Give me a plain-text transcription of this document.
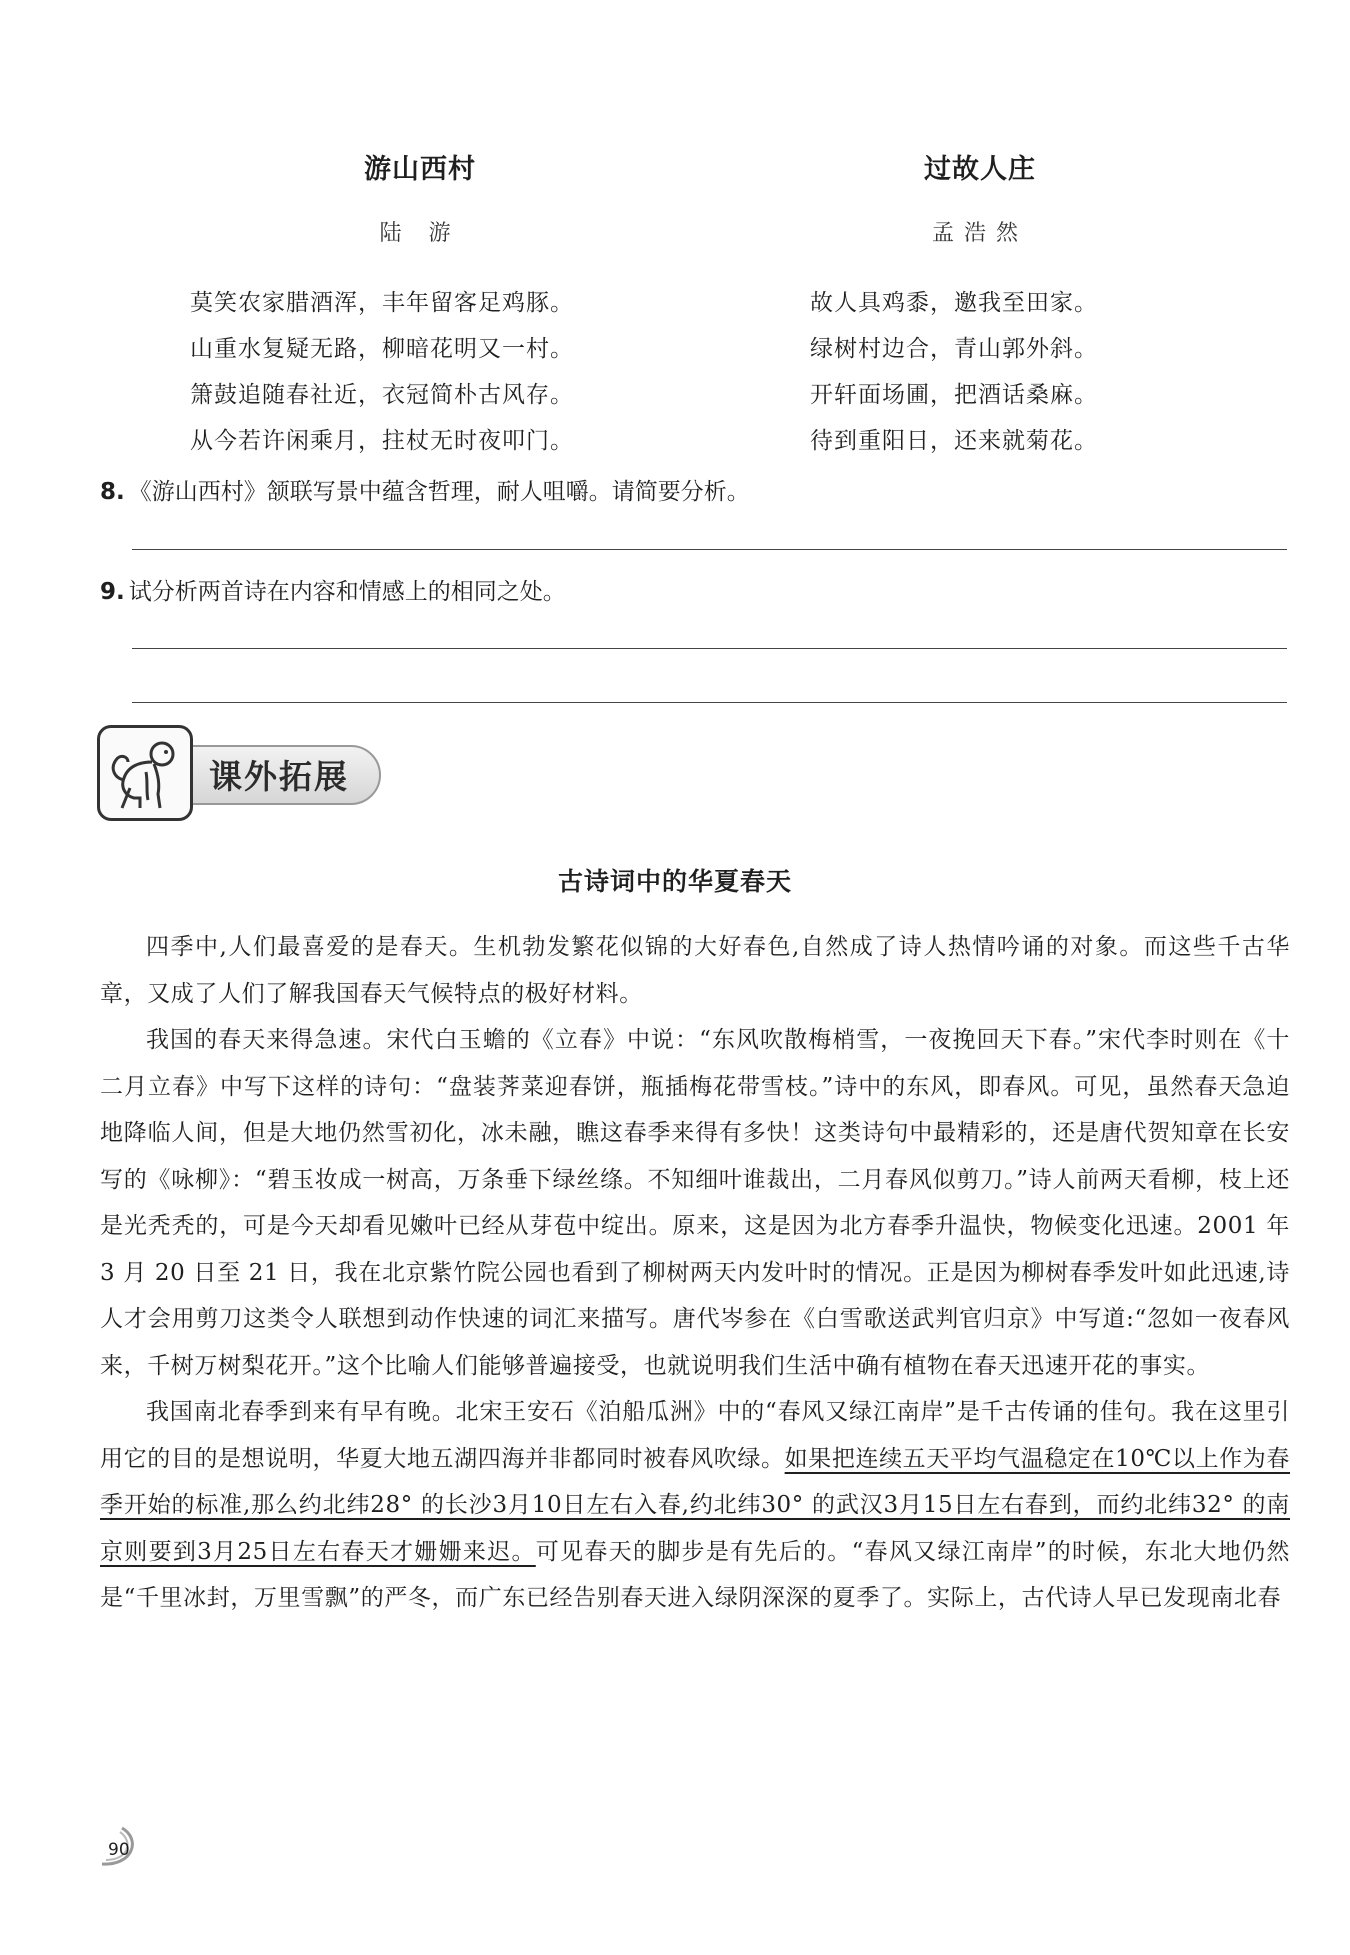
游山西村
陆 游
莫笑农家腊酒浑，丰年留客足鸡豚。
山重水复疑无路，柳暗花明又一村。
箫鼓追随春社近，衣冠简朴古风存。
从今若许闲乘月，拄杖无时夜叩门。
过故人庄
孟浩然
故人具鸡黍，邀我至田家。
绿树村边合，青山郭外斜。
开轩面场圃，把酒话桑麻。
待到重阳日，还来就菊花。
8. 《游山西村》颔联写景中蕴含哲理，耐人咀嚼。请简要分析。
9. 试分析两首诗在内容和情感上的相同之处。
课外拓展
古诗词中的华夏春天

四季中,人们最喜爱的是春天。生机勃发繁花似锦的大好春色,自然成了诗人热情吟诵的对象。而这些千古华章，又成了人们了解我国春天气候特点的极好材料。

我国的春天来得急速。宋代白玉蟾的《立春》中说：“东风吹散梅梢雪，一夜挽回天下春。”宋代李时则在《十二月立春》中写下这样的诗句：“盘装荠菜迎春饼，瓶插梅花带雪枝。”诗中的东风，即春风。可见，虽然春天急迫地降临人间，但是大地仍然雪初化，冰未融，瞧这春季来得有多快！这类诗句中最精彩的，还是唐代贺知章在长安写的《咏柳》：“碧玉妆成一树高，万条垂下绿丝绦。不知细叶谁裁出，二月春风似剪刀。”诗人前两天看柳，枝上还是光秃秃的，可是今天却看见嫩叶已经从芽苞中绽出。原来，这是因为北方春季升温快，物候变化迅速。2001 年 3 月 20 日至 21 日，我在北京紫竹院公园也看到了柳树两天内发叶时的情况。正是因为柳树春季发叶如此迅速,诗人才会用剪刀这类令人联想到动作快速的词汇来描写。唐代岑参在《白雪歌送武判官归京》中写道:“忽如一夜春风来，千树万树梨花开。”这个比喻人们能够普遍接受，也就说明我们生活中确有植物在春天迅速开花的事实。

我国南北春季到来有早有晚。北宋王安石《泊船瓜洲》中的“春风又绿江南岸”是千古传诵的佳句。我在这里引用它的目的是想说明，华夏大地五湖四海并非都同时被春风吹绿。如果把连续五天平均气温稳定在10℃以上作为春季开始的标准,那么约北纬28° 的长沙3月10日左右入春,约北纬30° 的武汉3月15日左右春到，而约北纬32° 的南京则要到3月25日左右春天才姗姗来迟。可见春天的脚步是有先后的。“春风又绿江南岸”的时候，东北大地仍然是“千里冰封，万里雪飘”的严冬，而广东已经告别春天进入绿阴深深的夏季了。实际上，古代诗人早已发现南北春

90
